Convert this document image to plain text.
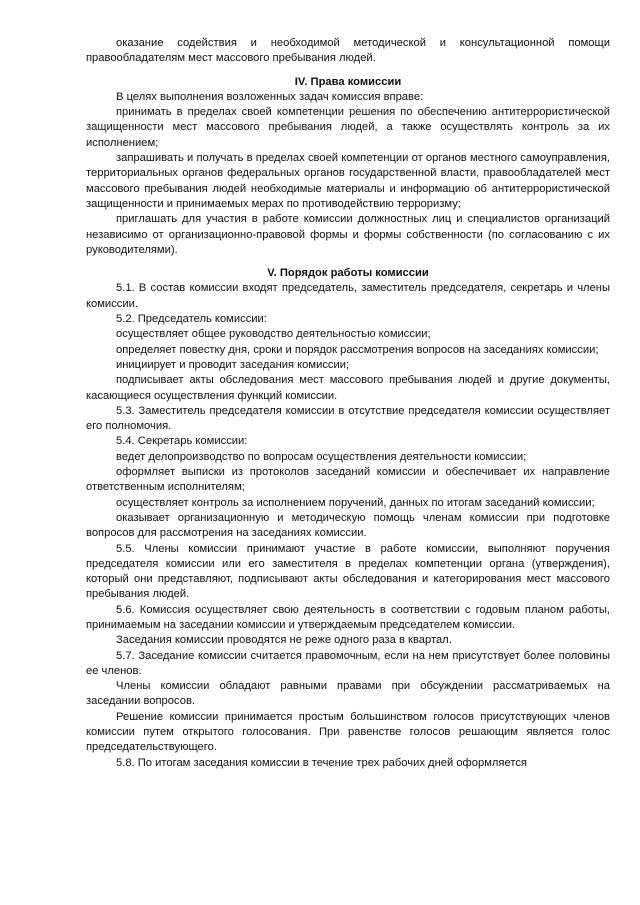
оказание содействия и необходимой методической и консультационной помощи правообладателям мест массового пребывания людей.

IV. Права комиссии

В целях выполнения возложенных задач комиссия вправе:

принимать в пределах своей компетенции решения по обеспечению антитеррористической защищенности мест массового пребывания людей, а также осуществлять контроль за их исполнением;

запрашивать и получать в пределах своей компетенции от органов местного самоуправления, территориальных органов федеральных органов государственной власти, правообладателей мест массового пребывания людей необходимые материалы и информацию об антитеррористической защищенности и принимаемых мерах по противодействию терроризму;

приглашать для участия в работе комиссии должностных лиц и специалистов организаций независимо от организационно-правовой формы и формы собственности (по согласованию с их руководителями).

V. Порядок работы комиссии

5.1. В состав комиссии входят председатель, заместитель председателя, секретарь и члены комиссии.

5.2. Председатель комиссии:

осуществляет общее руководство деятельностью комиссии;

определяет повестку дня, сроки и порядок рассмотрения вопросов на заседаниях комиссии;

инициирует и проводит заседания комиссии;

подписывает акты обследования мест массового пребывания людей и другие документы, касающиеся осуществления функций комиссии.

5.3. Заместитель председателя комиссии в отсутствие председателя комиссии осуществляет его полномочия.

5.4. Секретарь комиссии:

ведет делопроизводство по вопросам осуществления деятельности комиссии;

оформляет выписки из протоколов заседаний комиссии и обеспечивает их направление ответственным исполнителям;

осуществляет контроль за исполнением поручений, данных по итогам заседаний комиссии;

оказывает организационную и методическую помощь членам комиссии при подготовке вопросов для рассмотрения на заседаниях комиссии.

5.5. Члены комиссии принимают участие в работе комиссии, выполняют поручения председателя комиссии или его заместителя в пределах компетенции органа (утверждения), который они представляют, подписывают акты обследования и категорирования мест массового пребывания людей.

5.6. Комиссия осуществляет свою деятельность в соответствии с годовым планом работы, принимаемым на заседании комиссии и утверждаемым председателем комиссии.

Заседания комиссии проводятся не реже одного раза в квартал.

5.7. Заседание комиссии считается правомочным, если на нем присутствует более половины ее членов.

Члены комиссии обладают равными правами при обсуждении рассматриваемых на заседании вопросов.

Решение комиссии принимается простым большинством голосов присутствующих членов комиссии путем открытого голосования. При равенстве голосов решающим является голос председательствующего.

5.8. По итогам заседания комиссии в течение трех рабочих дней оформляется
